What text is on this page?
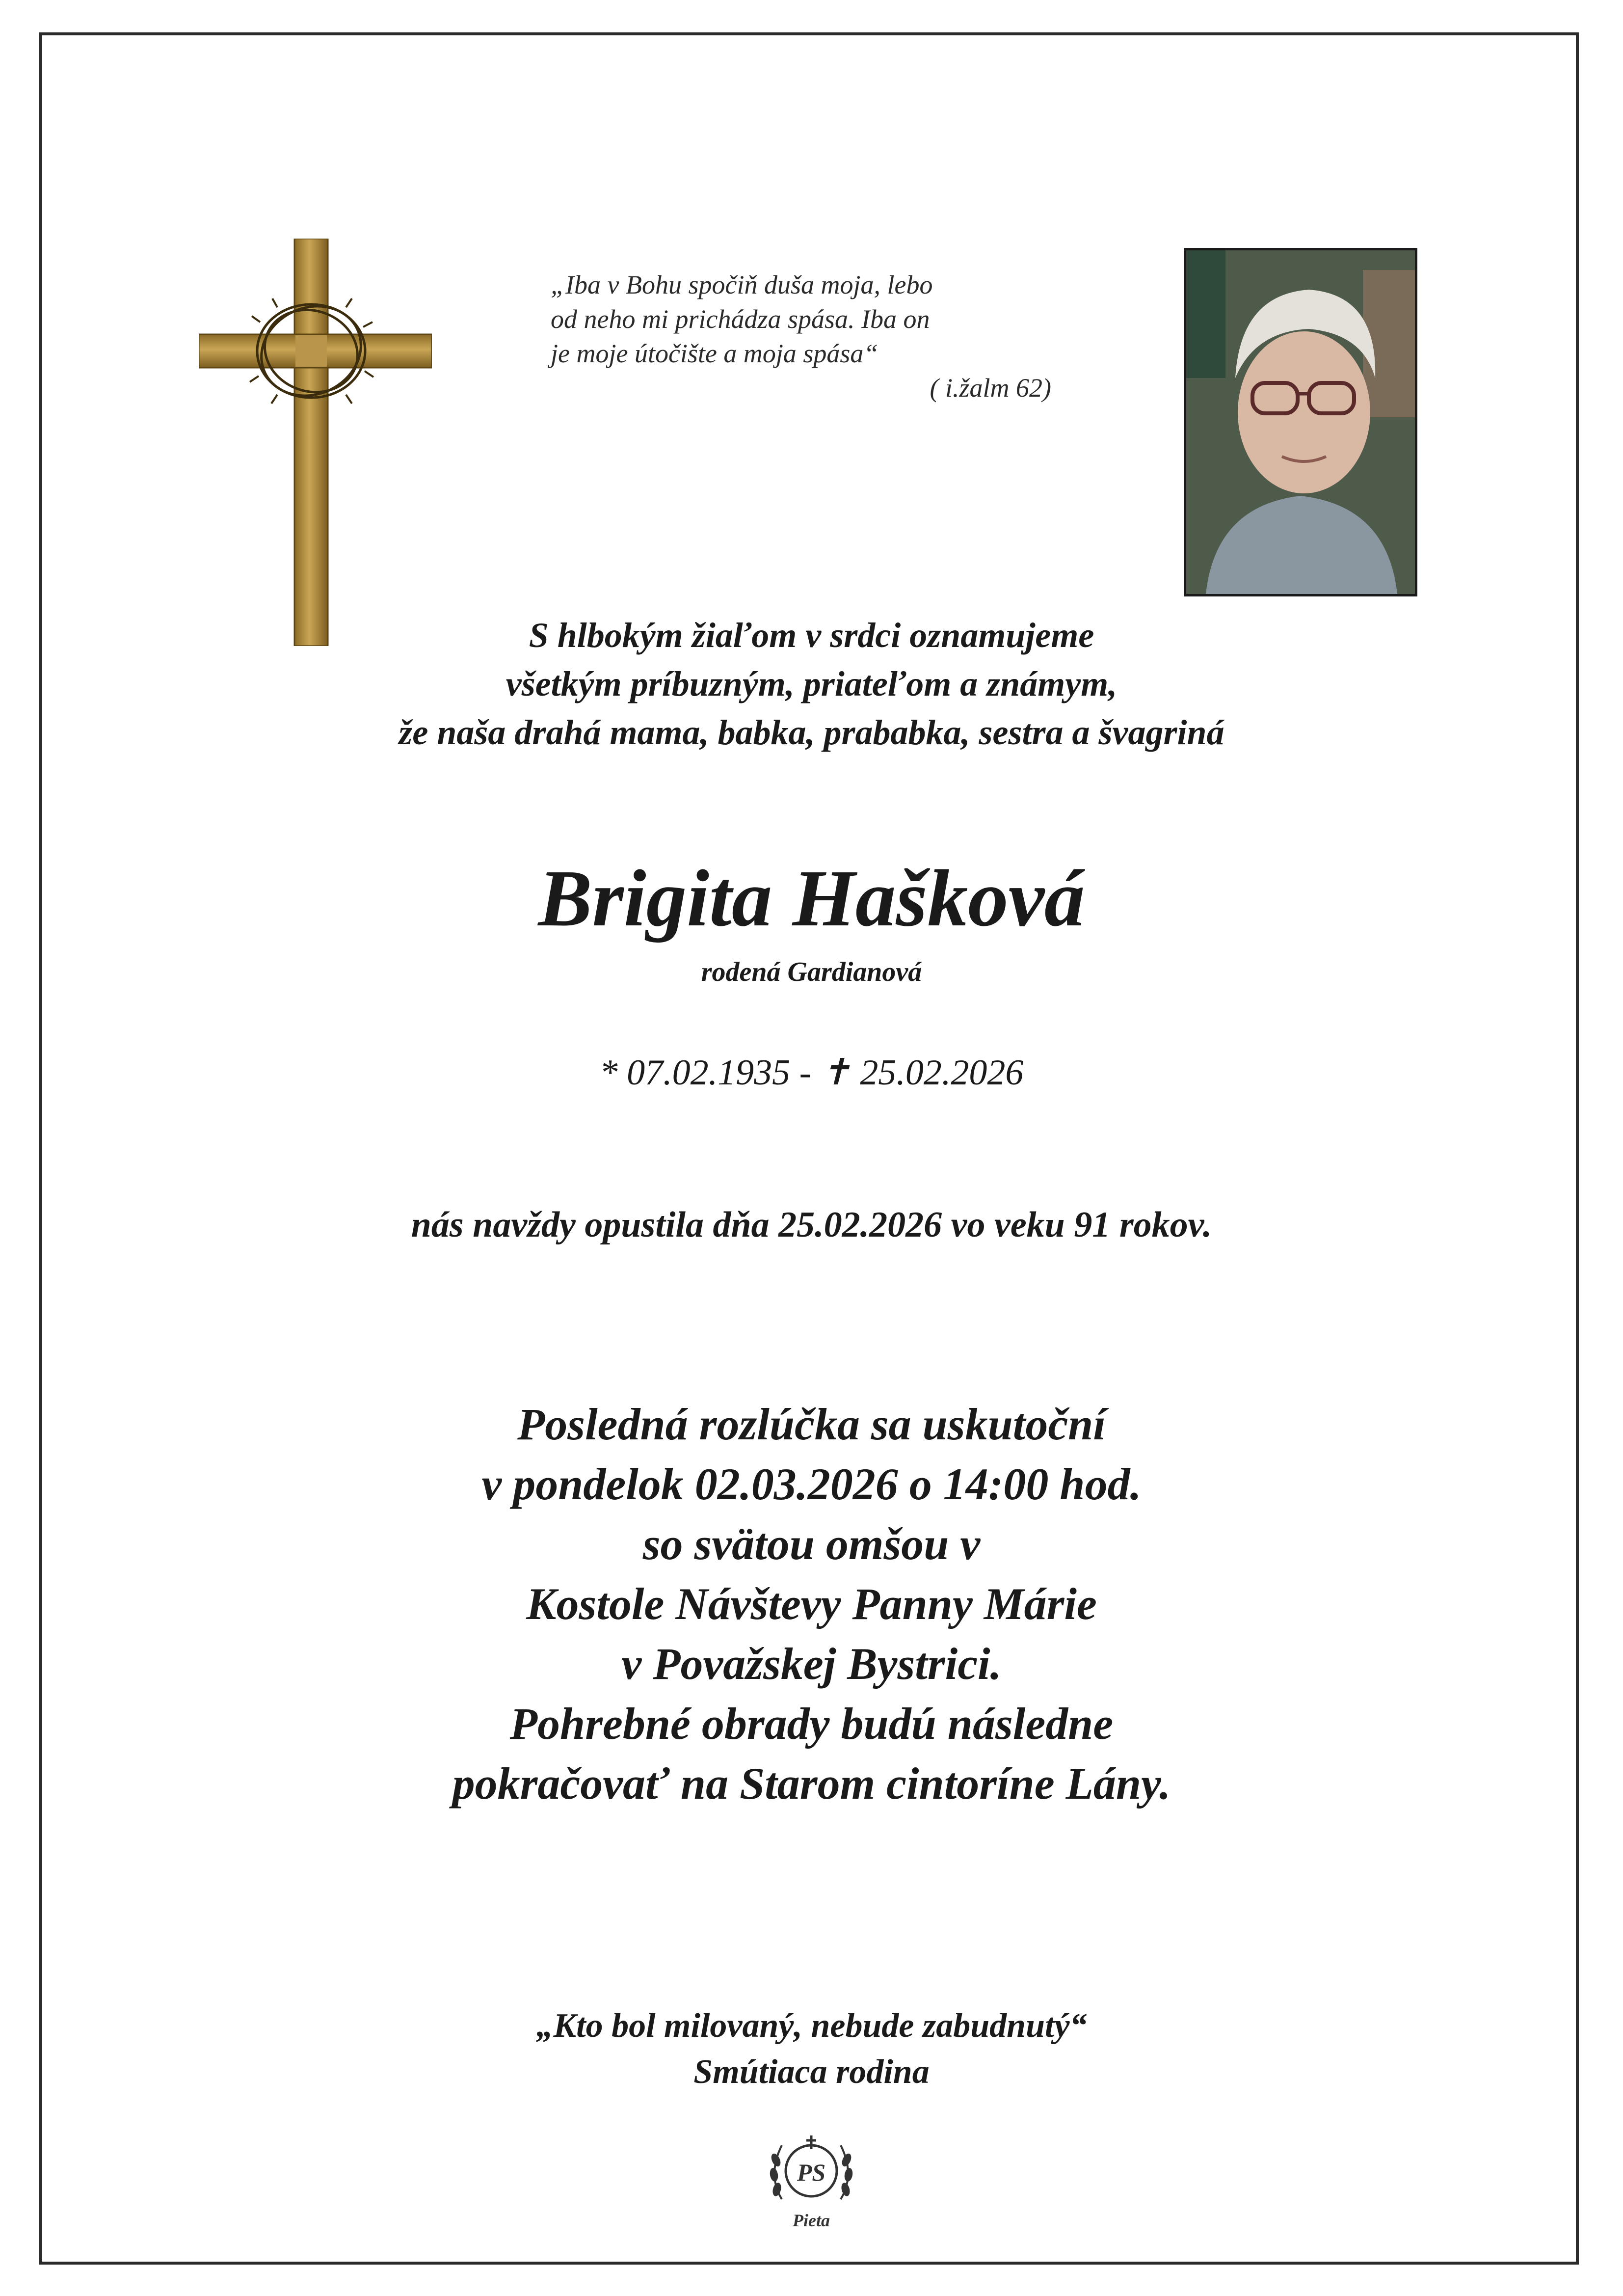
„Iba v Bohu spočiň duša moja, lebo
od neho mi prichádza spása. Iba on
je moje útočište a moja spása“
( i.žalm 62)
S hlbokým žiaľom v srdci oznamujeme
všetkým príbuzným, priateľom a známym,
že naša drahá mama, babka, prababka, sestra a švagriná
Brigita Hašková
rodená Gardianová
* 07.02.1935 - ✝ 25.02.2026
nás navždy opustila dňa 25.02.2026 vo veku 91 rokov.
Posledná rozlúčka sa uskutoční
v pondelok 02.03.2026 o 14:00 hod.
so svätou omšou v
Kostole Návštevy Panny Márie
v Považskej Bystrici.
Pohrebné obrady budú následne
pokračovať na Starom cintoríne Lány.
„Kto bol milovaný, nebude zabudnutý“
Smútiaca rodina
PS
Pieta
